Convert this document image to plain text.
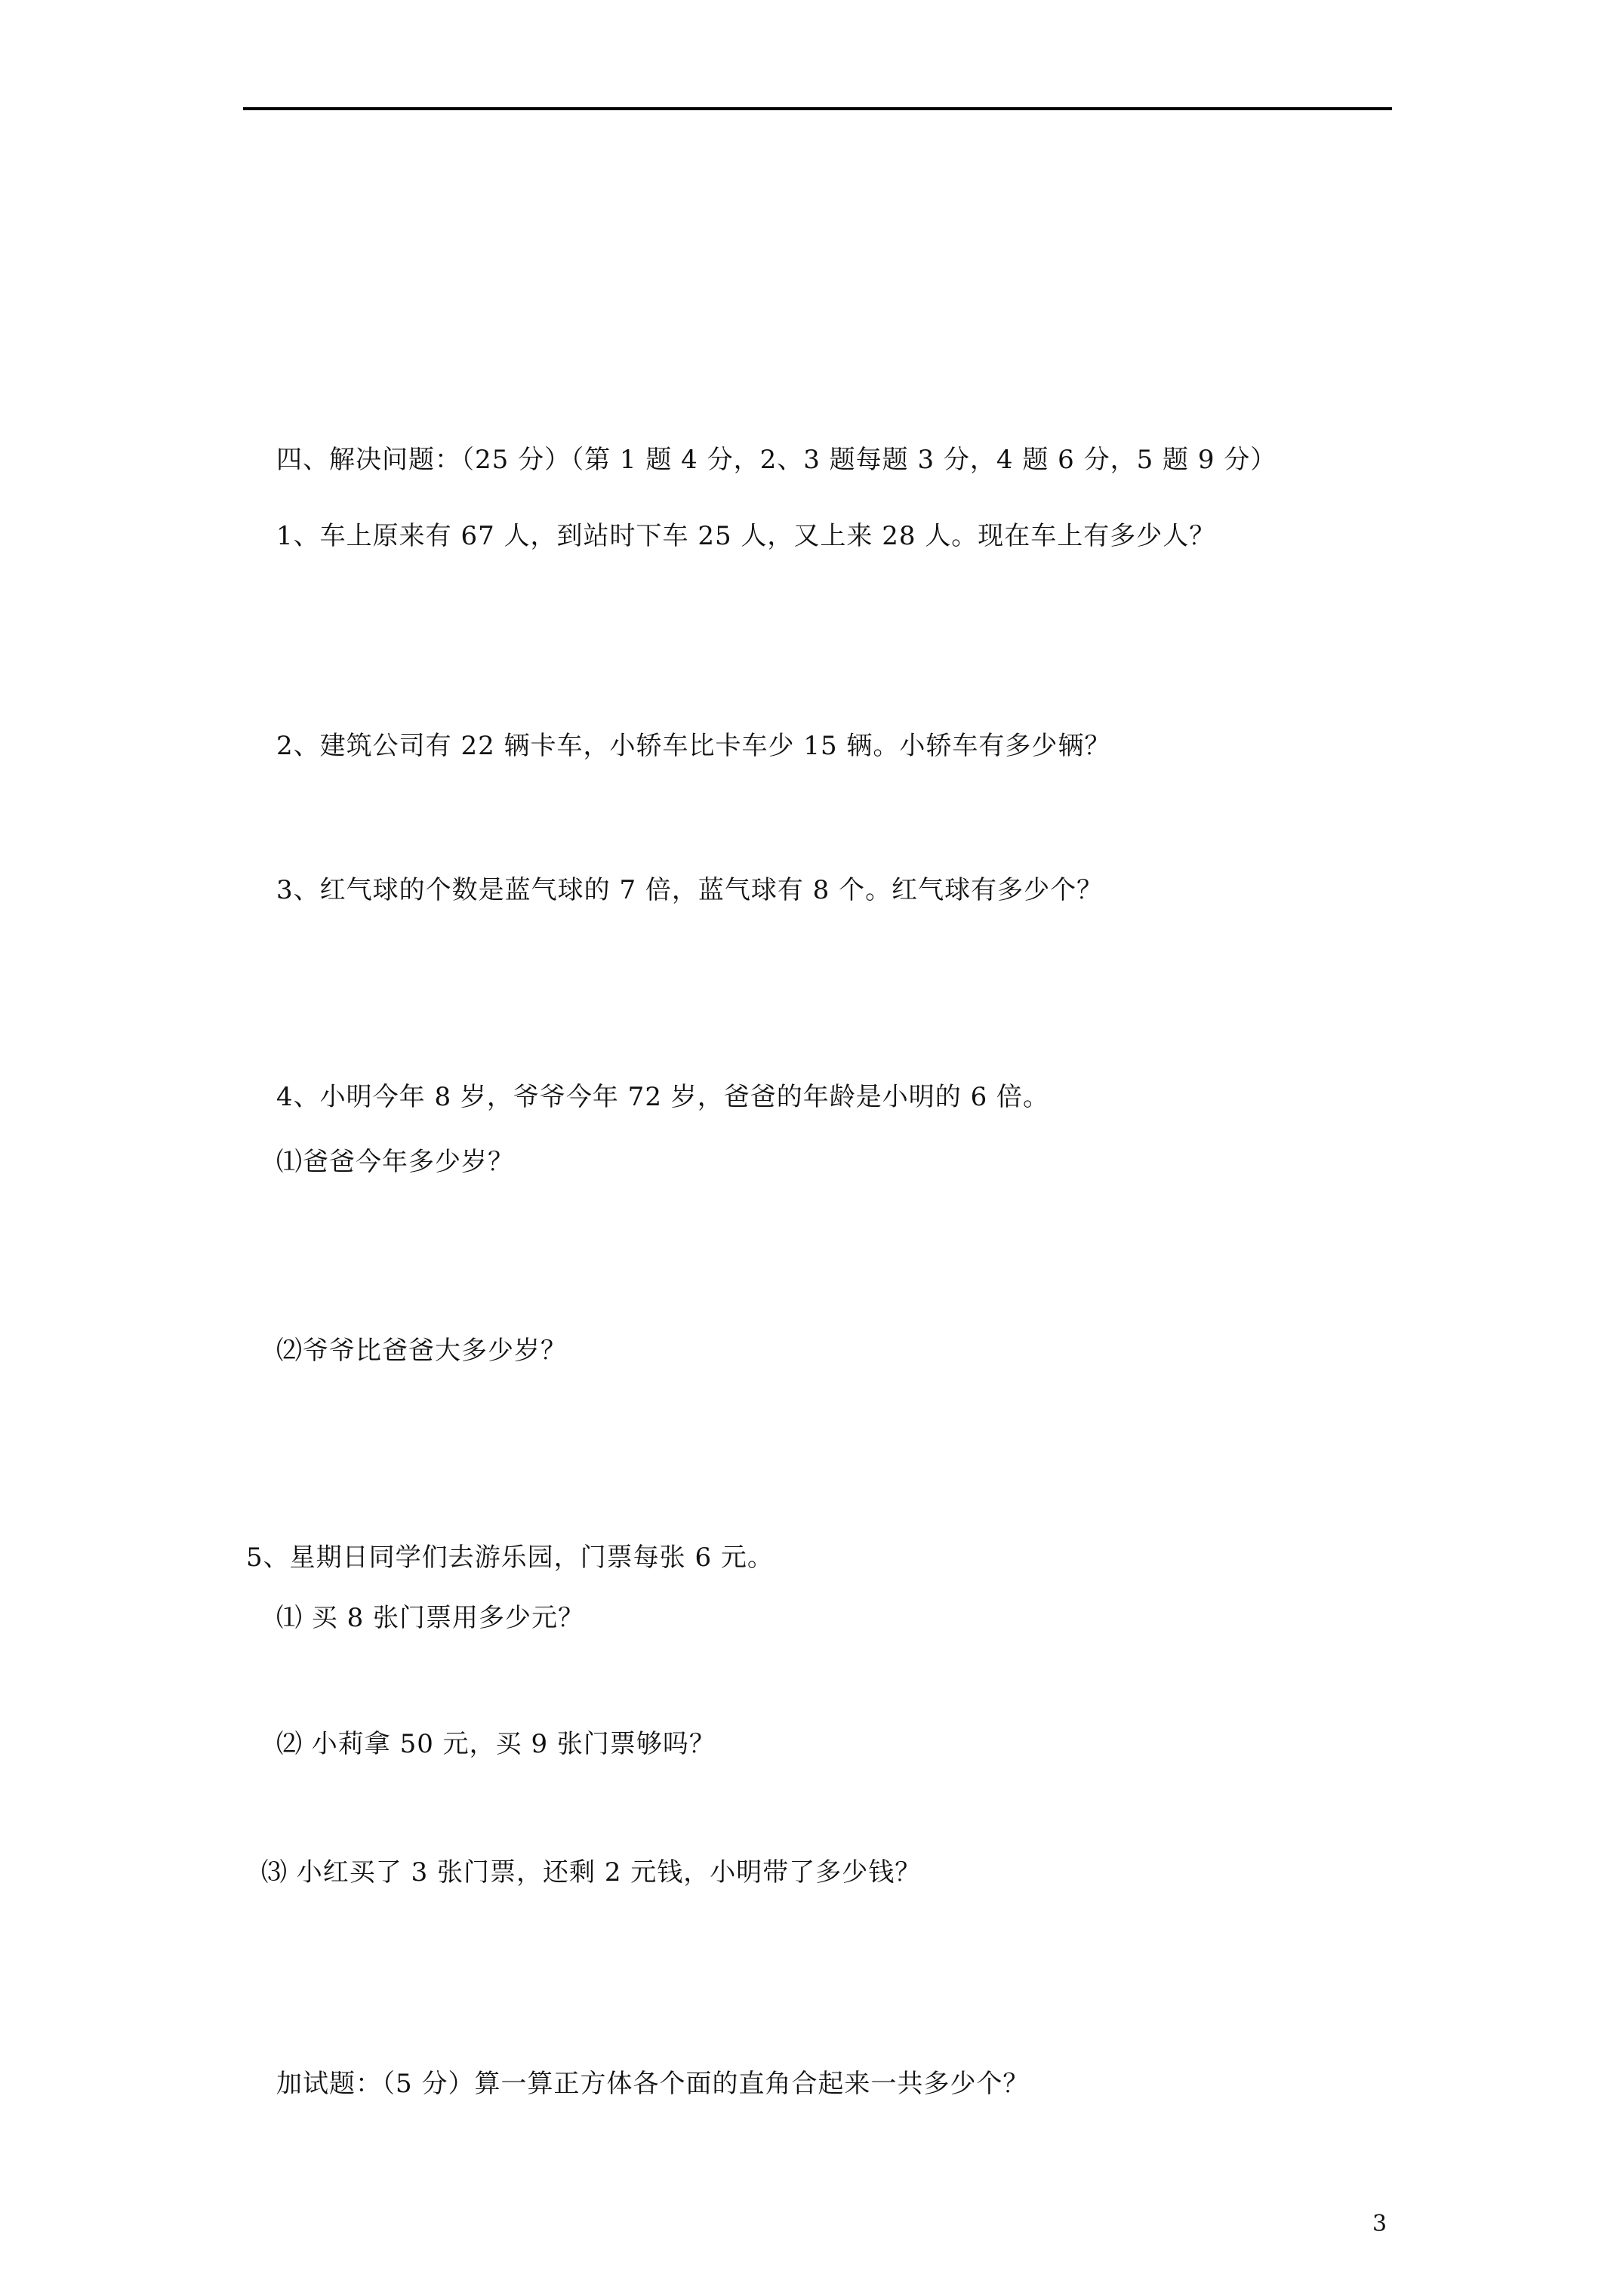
四、解决问题：（25 分）（第 1 题 4 分，2、3 题每题 3 分，4 题 6 分，5 题 9 分）
1、车上原来有 67 人，到站时下车 25 人，又上来 28 人。现在车上有多少人？
2、建筑公司有 22 辆卡车，小轿车比卡车少 15 辆。小轿车有多少辆？
3、红气球的个数是蓝气球的 7 倍，蓝气球有 8 个。红气球有多少个？
4、小明今年 8 岁，爷爷今年 72 岁，爸爸的年龄是小明的 6 倍。
⑴爸爸今年多少岁？
⑵爷爷比爸爸大多少岁？
5、星期日同学们去游乐园，门票每张 6 元。
⑴ 买 8 张门票用多少元？
⑵ 小莉拿 50 元，买 9 张门票够吗？
⑶ 小红买了 3 张门票，还剩 2 元钱，小明带了多少钱？
加试题：（5 分）算一算正方体各个面的直角合起来一共多少个？
3
